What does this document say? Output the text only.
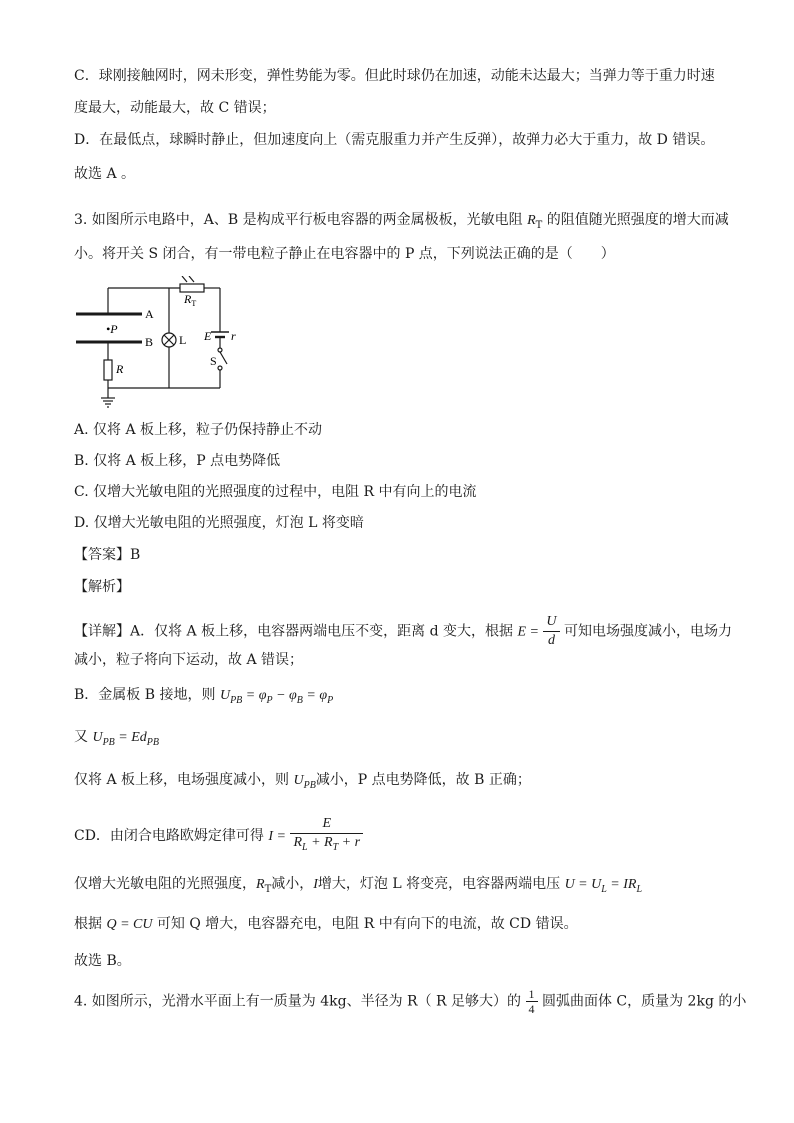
C．球刚接触网时，网未形变，弹性势能为零。但此时球仍在加速，动能未达最大；当弹力等于重力时速
度最大，动能最大，故 C 错误；
D．在最低点，球瞬时静止，但加速度向上（需克服重力并产生反弹），故弹力必大于重力，故 D 错误。
故选 A 。
3. 如图所示电路中，A、B 是构成平行板电容器的两金属极板，光敏电阻 $R_T$ 的阻值随光照强度的增大而减
小。将开关 S 闭合，有一带电粒子静止在电容器中的 P 点，下列说法正确的是（　　）
$R_T$
A
B
•P
L E r
S
R
A. 仅将 A 板上移，粒子仍保持静止不动
B. 仅将 A 板上移，P 点电势降低
C. 仅增大光敏电阻的光照强度的过程中，电阻 R 中有向上的电流
D. 仅增大光敏电阻的光照强度，灯泡 L 将变暗
【答案】B
【解析】
【详解】A．仅将 A 板上移，电容器两端电压不变，距离 d 变大，根据 $E = \frac{U}{d}$ 可知电场强度减小，电场力
减小，粒子将向下运动，故 A 错误；
B．金属板 B 接地，则 $U_{PB} = \varphi_P - \varphi_B = \varphi_P$
又 $U_{PB} = Ed_{PB}$
仅将 A 板上移，电场强度减小，则 $U_{PB}$减小，P 点电势降低，故 B 正确；
CD．由闭合电路欧姆定律可得 $I = \frac{E}{R_L + R_T + r}$
仅增大光敏电阻的光照强度，$R_T$减小，I增大，灯泡 L 将变亮，电容器两端电压 $U = U_L = IR_L$
根据 Q = CU 可知 Q 增大，电容器充电，电阻 R 中有向下的电流，故 CD 错误。
故选 B。
4. 如图所示，光滑水平面上有一质量为 4kg、半径为 R（ R 足够大）的 $\frac{1}{4}$ 圆弧曲面体 C，质量为 2kg 的小
